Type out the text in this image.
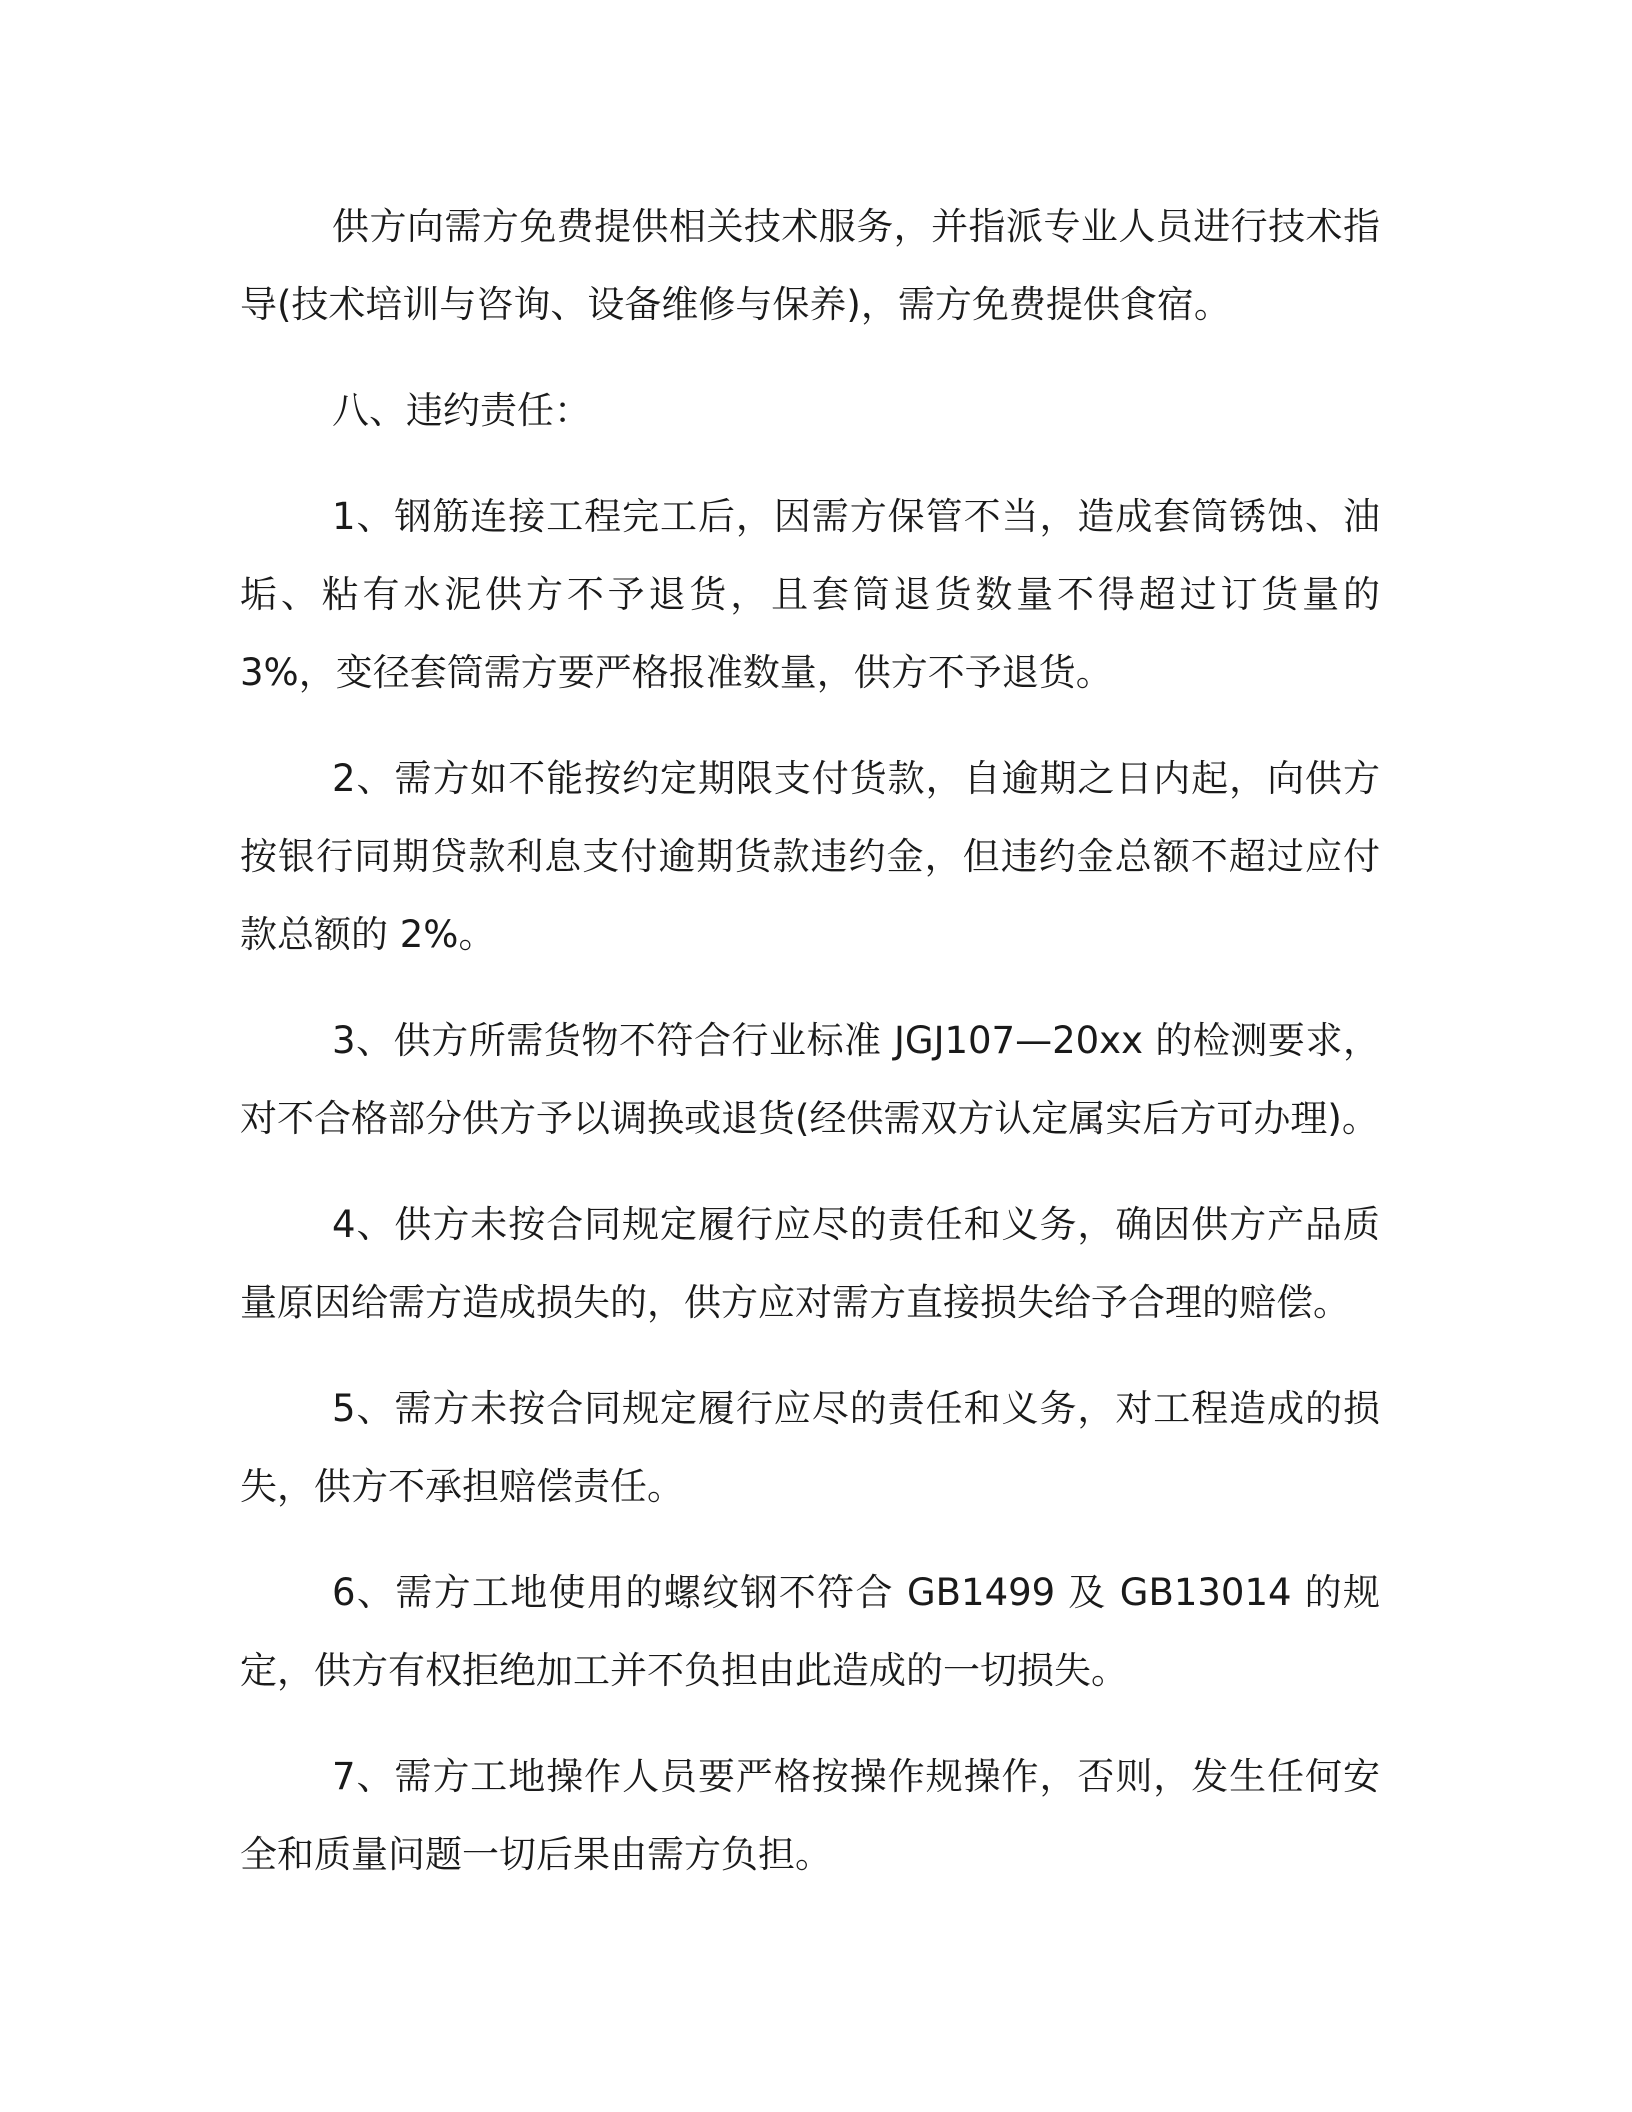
供方向需方免费提供相关技术服务，并指派专业人员进行技术指导(技术培训与咨询、设备维修与保养)，需方免费提供食宿。

八、违约责任：

1、钢筋连接工程完工后，因需方保管不当，造成套筒锈蚀、油垢、粘有水泥供方不予退货，且套筒退货数量不得超过订货量的 3%，变径套筒需方要严格报准数量，供方不予退货。

2、需方如不能按约定期限支付货款，自逾期之日内起，向供方按银行同期贷款利息支付逾期货款违约金，但违约金总额不超过应付款总额的 2%。

3、供方所需货物不符合行业标准 JGJ107—20xx 的检测要求，对不合格部分供方予以调换或退货(经供需双方认定属实后方可办理)。

4、供方未按合同规定履行应尽的责任和义务，确因供方产品质量原因给需方造成损失的，供方应对需方直接损失给予合理的赔偿。

5、需方未按合同规定履行应尽的责任和义务，对工程造成的损失，供方不承担赔偿责任。

6、需方工地使用的螺纹钢不符合 GB1499 及 GB13014 的规定，供方有权拒绝加工并不负担由此造成的一切损失。

7、需方工地操作人员要严格按操作规操作，否则，发生任何安全和质量问题一切后果由需方负担。
